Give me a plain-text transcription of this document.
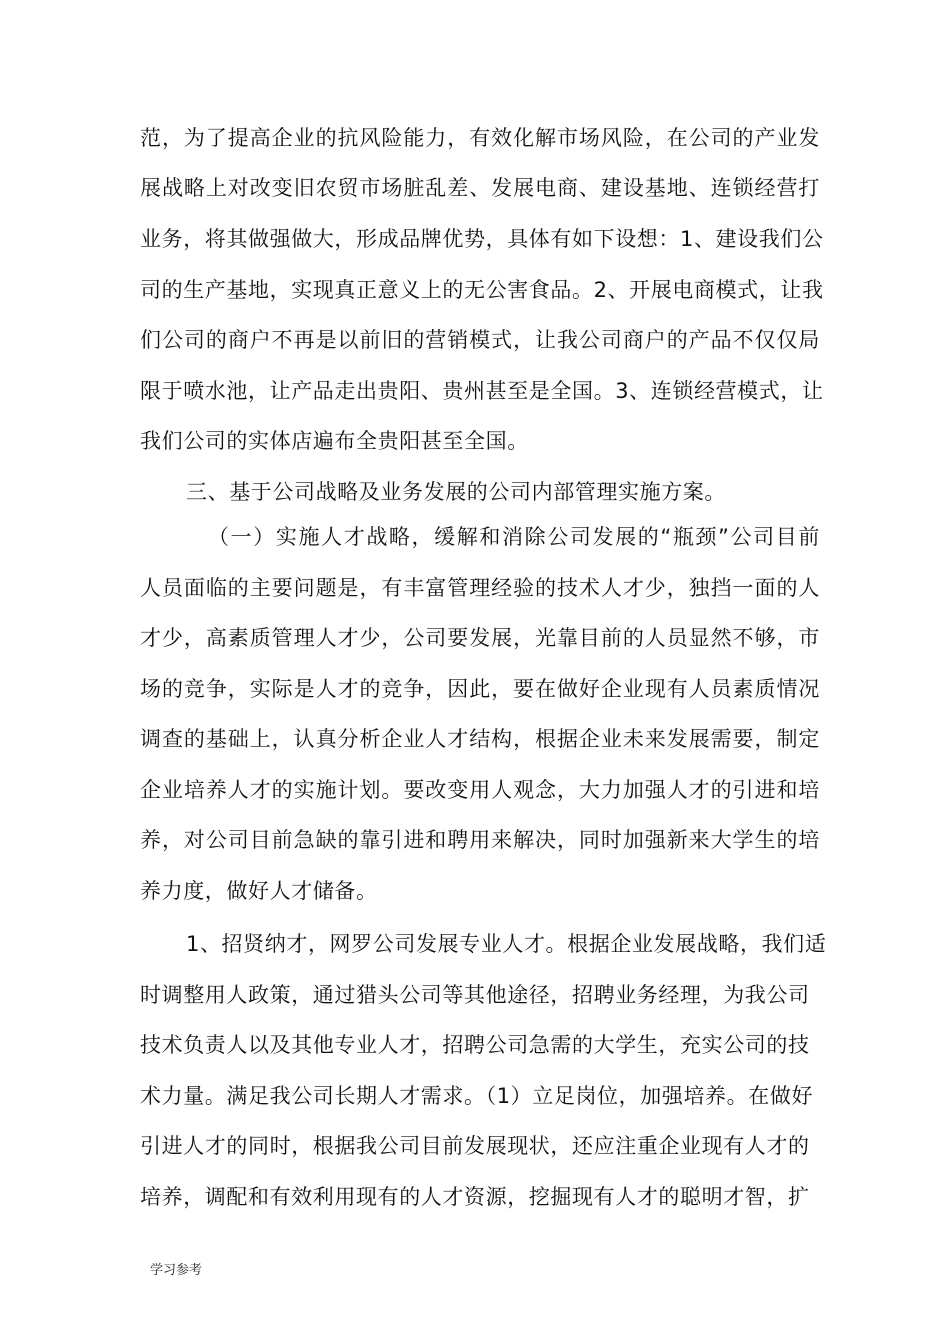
范，为了提高企业的抗风险能力，有效化解市场风险，在公司的产业发
展战略上对改变旧农贸市场脏乱差、发展电商、建设基地、连锁经营打
业务，将其做强做大，形成品牌优势，具体有如下设想：1、建设我们公
司的生产基地，实现真正意义上的无公害食品。2、开展电商模式，让我
们公司的商户不再是以前旧的营销模式，让我公司商户的产品不仅仅局
限于喷水池，让产品走出贵阳、贵州甚至是全国。3、连锁经营模式，让
我们公司的实体店遍布全贵阳甚至全国。
三、基于公司战略及业务发展的公司内部管理实施方案。
（一）实施人才战略，缓解和消除公司发展的“瓶颈”公司目前
人员面临的主要问题是，有丰富管理经验的技术人才少，独挡一面的人
才少，高素质管理人才少，公司要发展，光靠目前的人员显然不够，市
场的竞争，实际是人才的竞争，因此，要在做好企业现有人员素质情况
调查的基础上，认真分析企业人才结构，根据企业未来发展需要，制定
企业培养人才的实施计划。要改变用人观念，大力加强人才的引进和培
养，对公司目前急缺的靠引进和聘用来解决，同时加强新来大学生的培
养力度，做好人才储备。
1、招贤纳才，网罗公司发展专业人才。根据企业发展战略，我们适
时调整用人政策，通过猎头公司等其他途径，招聘业务经理，为我公司
技术负责人以及其他专业人才，招聘公司急需的大学生，充实公司的技
术力量。满足我公司长期人才需求。（1）立足岗位，加强培养。在做好
引进人才的同时，根据我公司目前发展现状，还应注重企业现有人才的
培养，调配和有效利用现有的人才资源，挖掘现有人才的聪明才智，扩
学习参考
